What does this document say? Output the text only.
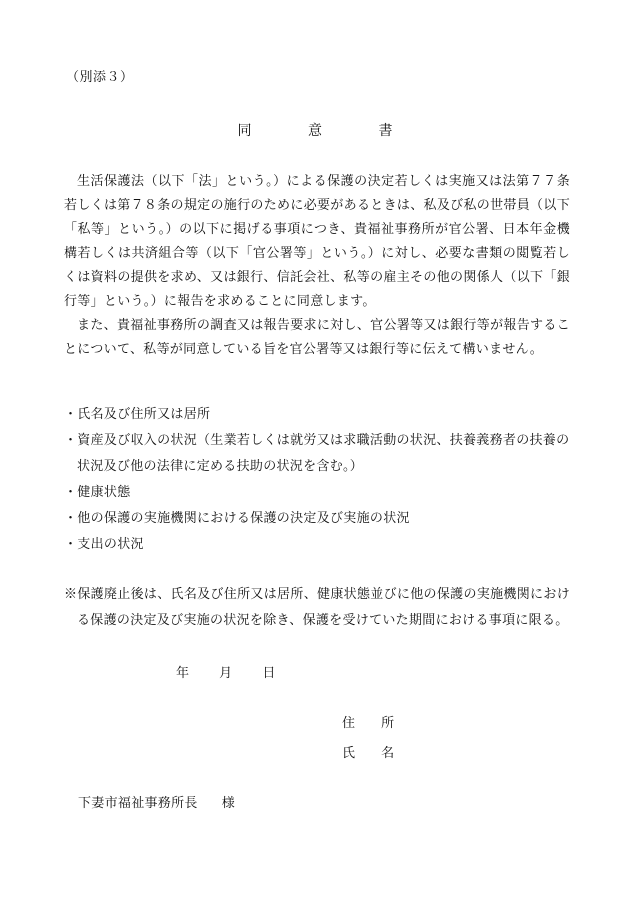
（別添３）
同	意	書
生活保護法（以下「法」という。）による保護の決定若しくは実施又は法第７７条若しくは第７８条の規定の施行のために必要があるときは、私及び私の世帯員（以下「私等」という。）の以下に掲げる事項につき、貴福祉事務所が官公署、日本年金機構若しくは共済組合等（以下「官公署等」という。）に対し、必要な書類の閲覧若しくは資料の提供を求め、又は銀行、信託会社、私等の雇主その他の関係人（以下「銀行等」という。）に報告を求めることに同意します。
また、貴福祉事務所の調査又は報告要求に対し、官公署等又は銀行等が報告することについて、私等が同意している旨を官公署等又は銀行等に伝えて構いません。
・氏名及び住所又は居所
・資産及び収入の状況（生業若しくは就労又は求職活動の状況、扶養義務者の扶養の状況及び他の法律に定める扶助の状況を含む。）
・健康状態
・他の保護の実施機関における保護の決定及び実施の状況
・支出の状況
※保護廃止後は、氏名及び住所又は居所、健康状態並びに他の保護の実施機関における保護の決定及び実施の状況を除き、保護を受けていた期間における事項に限る。
年 月 日
住 所
氏 名
下妻市福祉事務所長 様
